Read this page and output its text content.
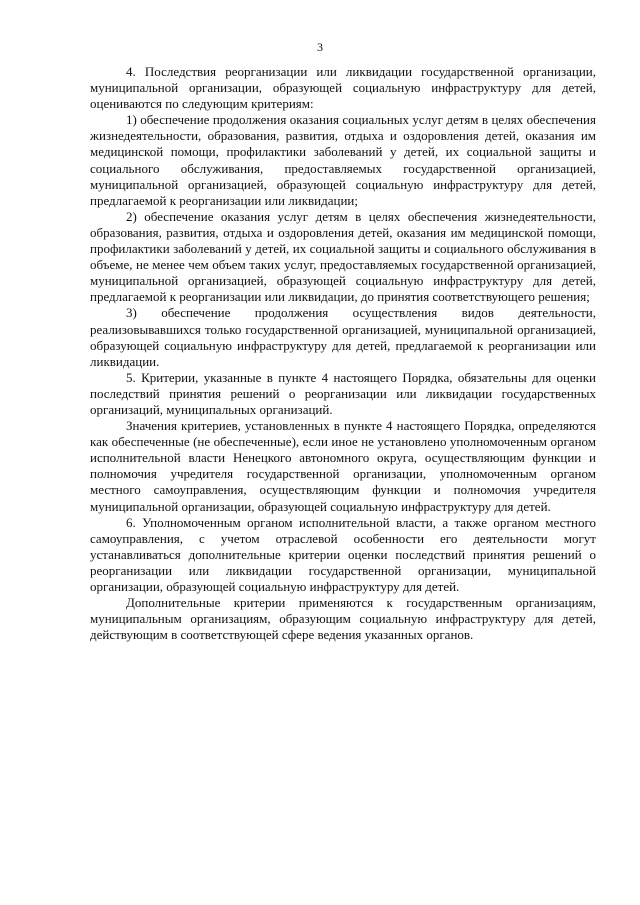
3

4. Последствия реорганизации или ликвидации государственной организации, муниципальной организации, образующей социальную инфраструктуру для детей, оцениваются по следующим критериям:

1) обеспечение продолжения оказания социальных услуг детям в целях обеспечения жизнедеятельности, образования, развития, отдыха и оздоровления детей, оказания им медицинской помощи, профилактики заболеваний у детей, их социальной защиты и социального обслуживания, предоставляемых государственной организацией, муниципальной организацией, образующей социальную инфраструктуру для детей, предлагаемой к реорганизации или ликвидации;

2) обеспечение оказания услуг детям в целях обеспечения жизнедеятельности, образования, развития, отдыха и оздоровления детей, оказания им медицинской помощи, профилактики заболеваний у детей, их социальной защиты и социального обслуживания в объеме, не менее чем объем таких услуг, предоставляемых государственной организацией, муниципальной организацией, образующей социальную инфраструктуру для детей, предлагаемой к реорганизации или ликвидации, до принятия соответствующего решения;

3) обеспечение продолжения осуществления видов деятельности, реализовывавшихся только государственной организацией, муниципальной организацией, образующей социальную инфраструктуру для детей, предлагаемой к реорганизации или ликвидации.

5. Критерии, указанные в пункте 4 настоящего Порядка, обязательны для оценки последствий принятия решений о реорганизации или ликвидации государственных организаций, муниципальных организаций.

Значения критериев, установленных в пункте 4 настоящего Порядка, определяются как обеспеченные (не обеспеченные), если иное не установлено уполномоченным органом исполнительной власти Ненецкого автономного округа, осуществляющим функции и полномочия учредителя государственной организации, уполномоченным органом местного самоуправления, осуществляющим функции и полномочия учредителя муниципальной организации, образующей социальную инфраструктуру для детей.

6. Уполномоченным органом исполнительной власти, а также органом местного самоуправления, с учетом отраслевой особенности его деятельности могут устанавливаться дополнительные критерии оценки последствий принятия решений о реорганизации или ликвидации государственной организации, муниципальной организации, образующей социальную инфраструктуру для детей.

Дополнительные критерии применяются к государственным организациям, муниципальным организациям, образующим социальную инфраструктуру для детей, действующим в соответствующей сфере ведения указанных органов.
